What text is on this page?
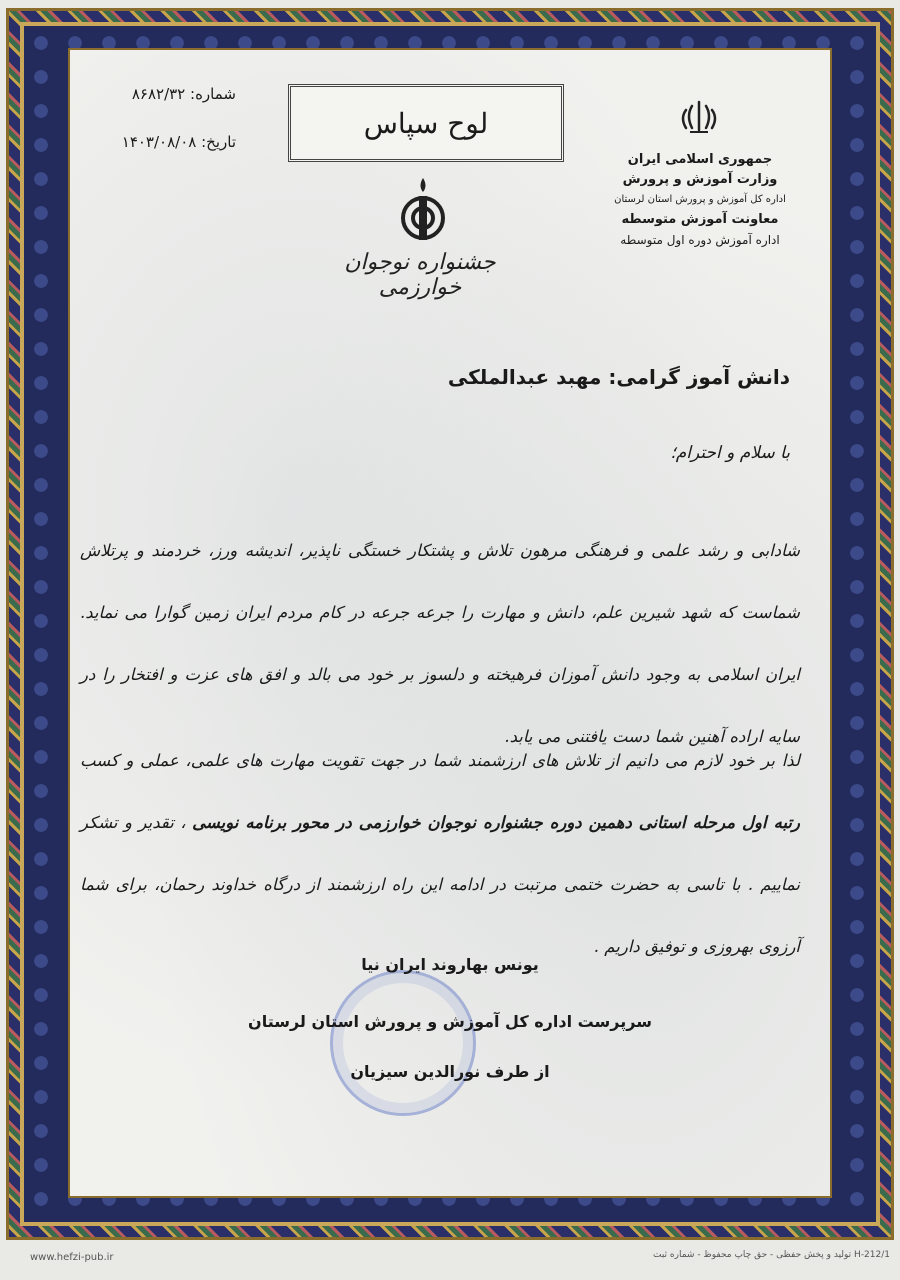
شماره: ۸۶۸۲/۳۲
تاریخ: ۱۴۰۳/۰۸/۰۸
لوح سپاس
جمهوری اسلامی ایران
وزارت آموزش و پرورش
اداره کل آموزش و پرورش استان لرستان
معاونت آموزش متوسطه
اداره آموزش دوره اول متوسطه
جشنواره نوجوان خوارزمی
دانش آموز گرامی: مهبد عبدالملکی
با سلام و احترام؛
شادابی و رشد علمی و فرهنگی مرهون تلاش و پشتکار خستگی ناپذیر، اندیشه ورز، خردمند و پرتلاش شماست که شهد شیرین علم، دانش و مهارت را جرعه جرعه در کام مردم ایران زمین گوارا می نماید. ایران اسلامی به وجود دانش آموزان فرهیخته و دلسوز بر خود می بالد و افق های عزت و افتخار را در سایه اراده آهنین شما دست یافتنی می یابد.
لذا بر خود لازم می دانیم از تلاش های ارزشمند شما در جهت تقویت مهارت های علمی، عملی و کسب رتبه اول مرحله استانی دهمین دوره جشنواره نوجوان خوارزمی در محور برنامه نویسی ، تقدیر و تشکر نماییم . با تاسی به حضرت ختمی مرتبت در ادامه این راه ارزشمند از درگاه خداوند رحمان، برای شما آرزوی بهروزی و توفیق داریم .
یونس بهاروند ایران نیا
سرپرست اداره کل آموزش و پرورش استان لرستان
از طرف نورالدین سیزیان
www.hefzi-pub.ir	H-212/1 تولید و پخش حفظی - حق چاپ محفوظ - شماره ثبت
